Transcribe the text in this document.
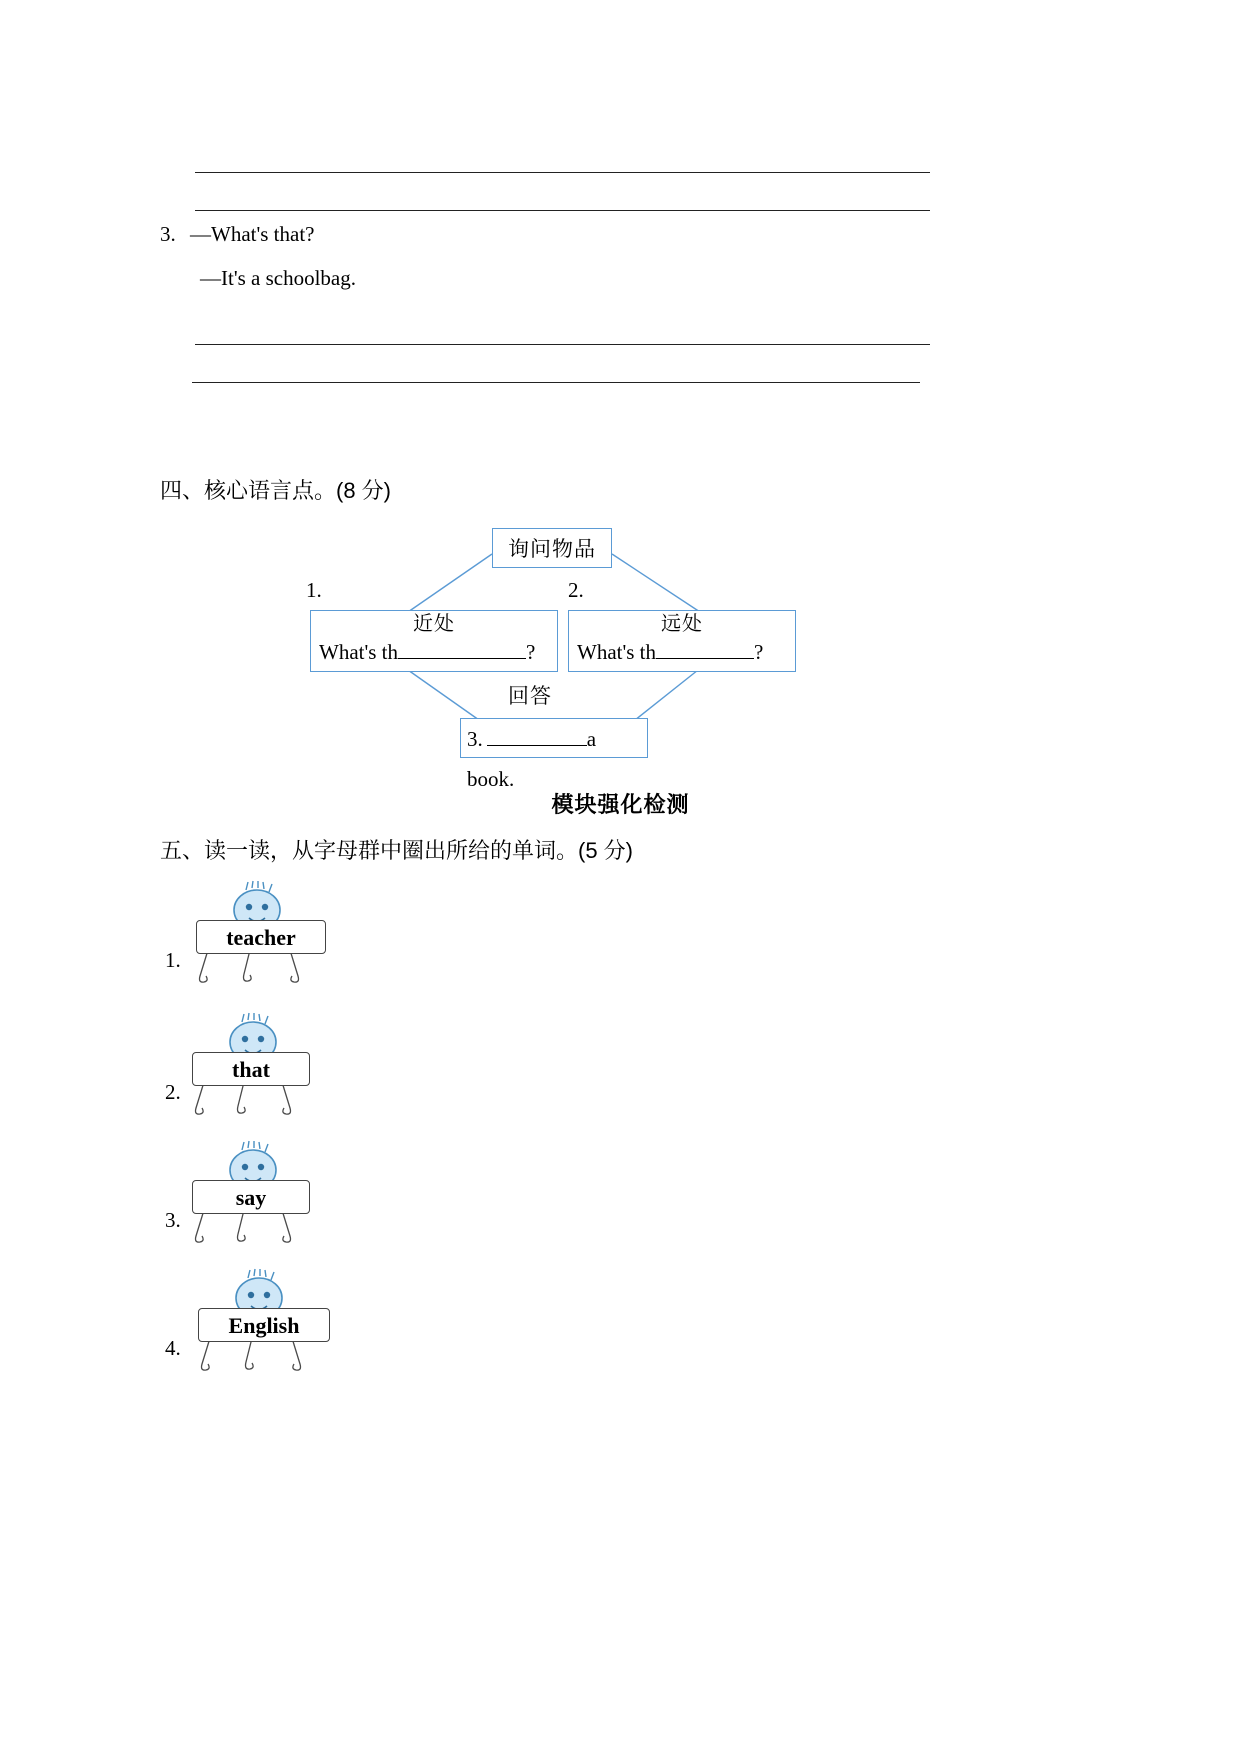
3. —What's that?
—It's a schoolbag.
四、核心语言点。(8 分)
询问物品
1.	2.
近处
What's th	?
远处
What's th	?
回答
3.	a book.
模块强化检测
五、读一读，从字母群中圈出所给的单词。(5 分)
1.
teacher
2.
that
3.
say
4.
English
